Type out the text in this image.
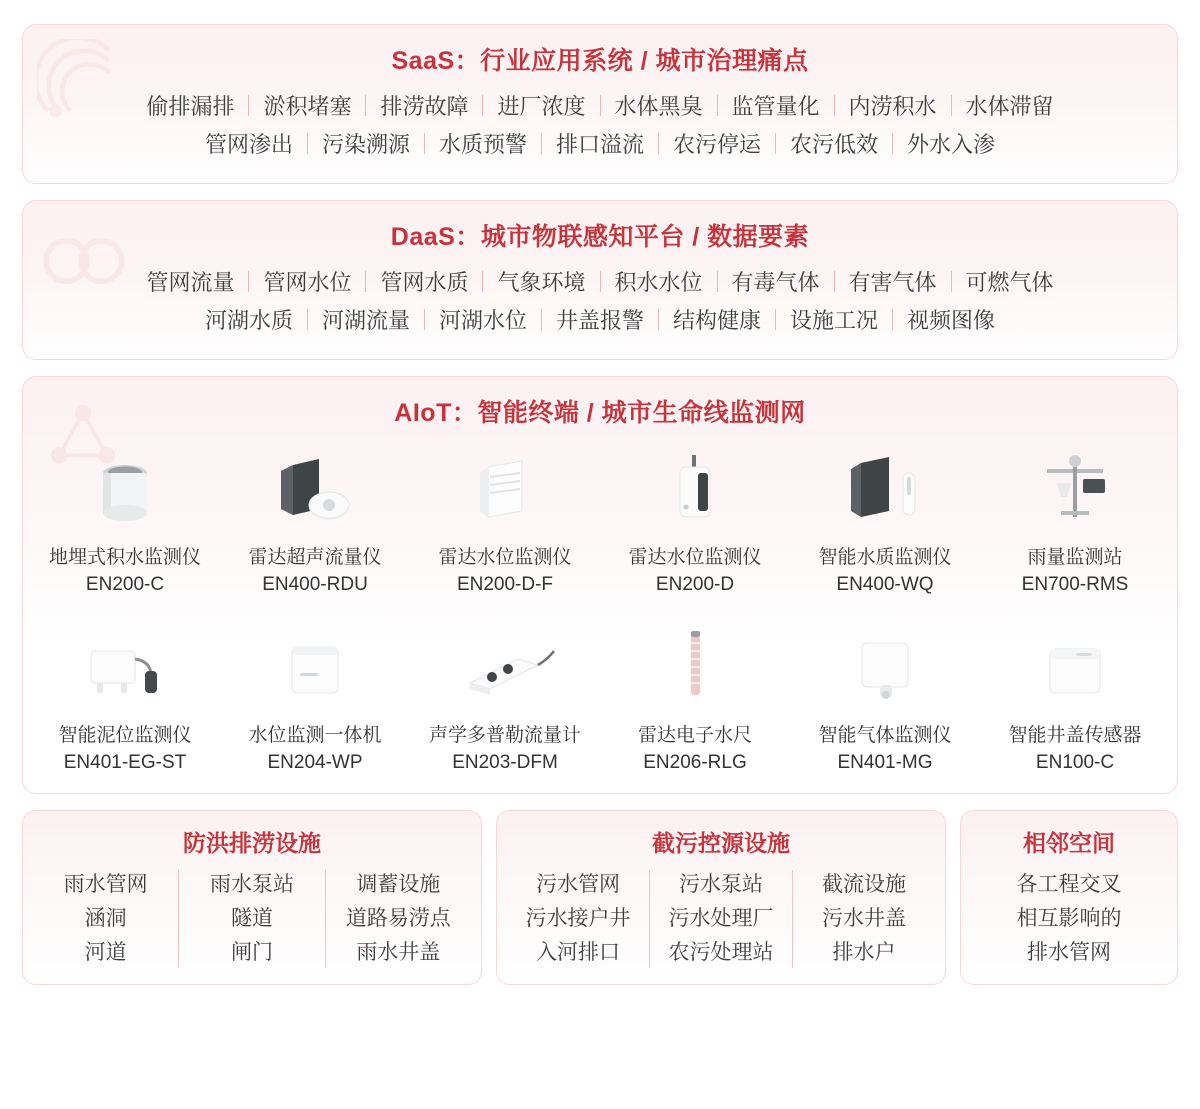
SaaS：行业应用系统 / 城市治理痛点
偷排漏排	淤积堵塞	排涝故障	进厂浓度	水体黑臭	监管量化	内涝积水	水体滞留
管网渗出	污染溯源	水质预警	排口溢流	农污停运	农污低效	外水入渗
DaaS：城市物联感知平台 / 数据要素
管网流量	管网水位	管网水质	气象环境	积水水位	有毒气体	有害气体	可燃气体
河湖水质	河湖流量	河湖水位	井盖报警	结构健康	设施工况	视频图像
AIoT：智能终端 / 城市生命线监测网
地埋式积水监测仪
EN200-C
雷达超声流量仪
EN400-RDU
雷达水位监测仪
EN200-D-F
雷达水位监测仪
EN200-D
智能水质监测仪
EN400-WQ
雨量监测站
EN700-RMS
智能泥位监测仪
EN401-EG-ST
水位监测一体机
EN204-WP
声学多普勒流量计
EN203-DFM
雷达电子水尺
EN206-RLG
智能气体监测仪
EN401-MG
智能井盖传感器
EN100-C
防洪排涝设施
雨水管网
涵洞
河道
雨水泵站
隧道
闸门
调蓄设施
道路易涝点
雨水井盖
截污控源设施
污水管网
污水接户井
入河排口
污水泵站
污水处理厂
农污处理站
截流设施
污水井盖
排水户
相邻空间
各工程交叉
相互影响的
排水管网
